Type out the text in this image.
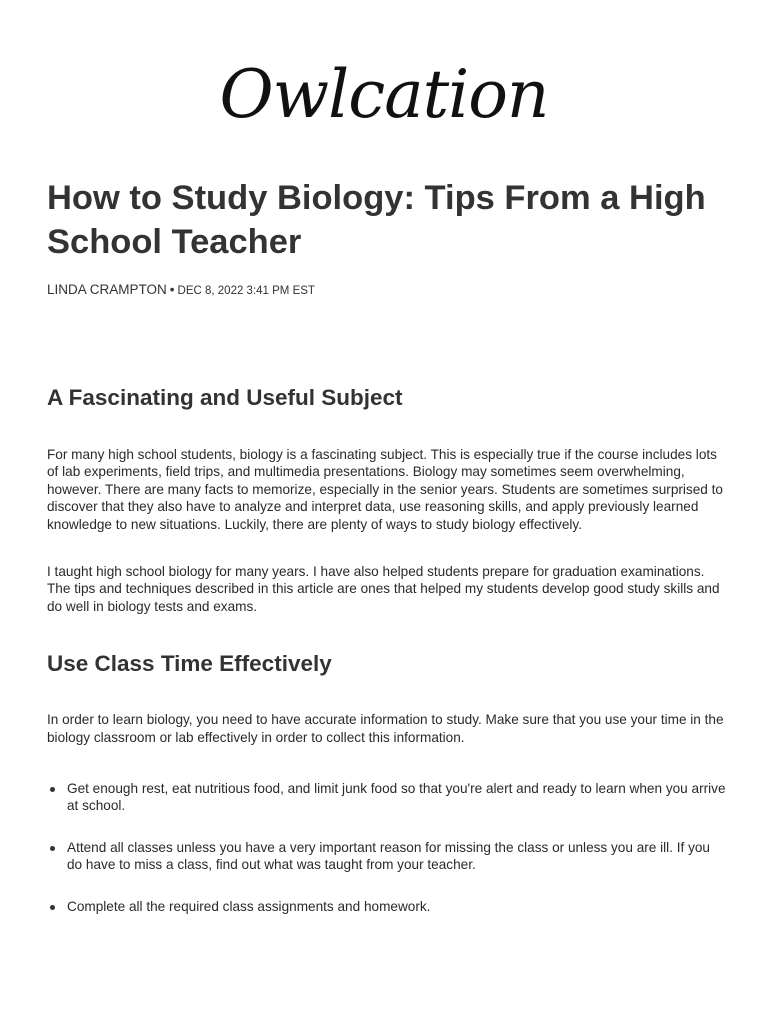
Owlcation
How to Study Biology: Tips From a High School Teacher
LINDA CRAMPTON • DEC 8, 2022 3:41 PM EST
A Fascinating and Useful Subject

For many high school students, biology is a fascinating subject. This is especially true if the course includes lots of lab experiments, field trips, and multimedia presentations. Biology may sometimes seem overwhelming, however. There are many facts to memorize, especially in the senior years. Students are sometimes surprised to discover that they also have to analyze and interpret data, use reasoning skills, and apply previously learned knowledge to new situations. Luckily, there are plenty of ways to study biology effectively.

I taught high school biology for many years. I have also helped students prepare for graduation examinations. The tips and techniques described in this article are ones that helped my students develop good study skills and do well in biology tests and exams.

Use Class Time Effectively

In order to learn biology, you need to have accurate information to study. Make sure that you use your time in the biology classroom or lab effectively in order to collect this information.

Get enough rest, eat nutritious food, and limit junk food so that you're alert and ready to learn when you arrive at school.
Attend all classes unless you have a very important reason for missing the class or unless you are ill. If you do have to miss a class, find out what was taught from your teacher.
Complete all the required class assignments and homework.
